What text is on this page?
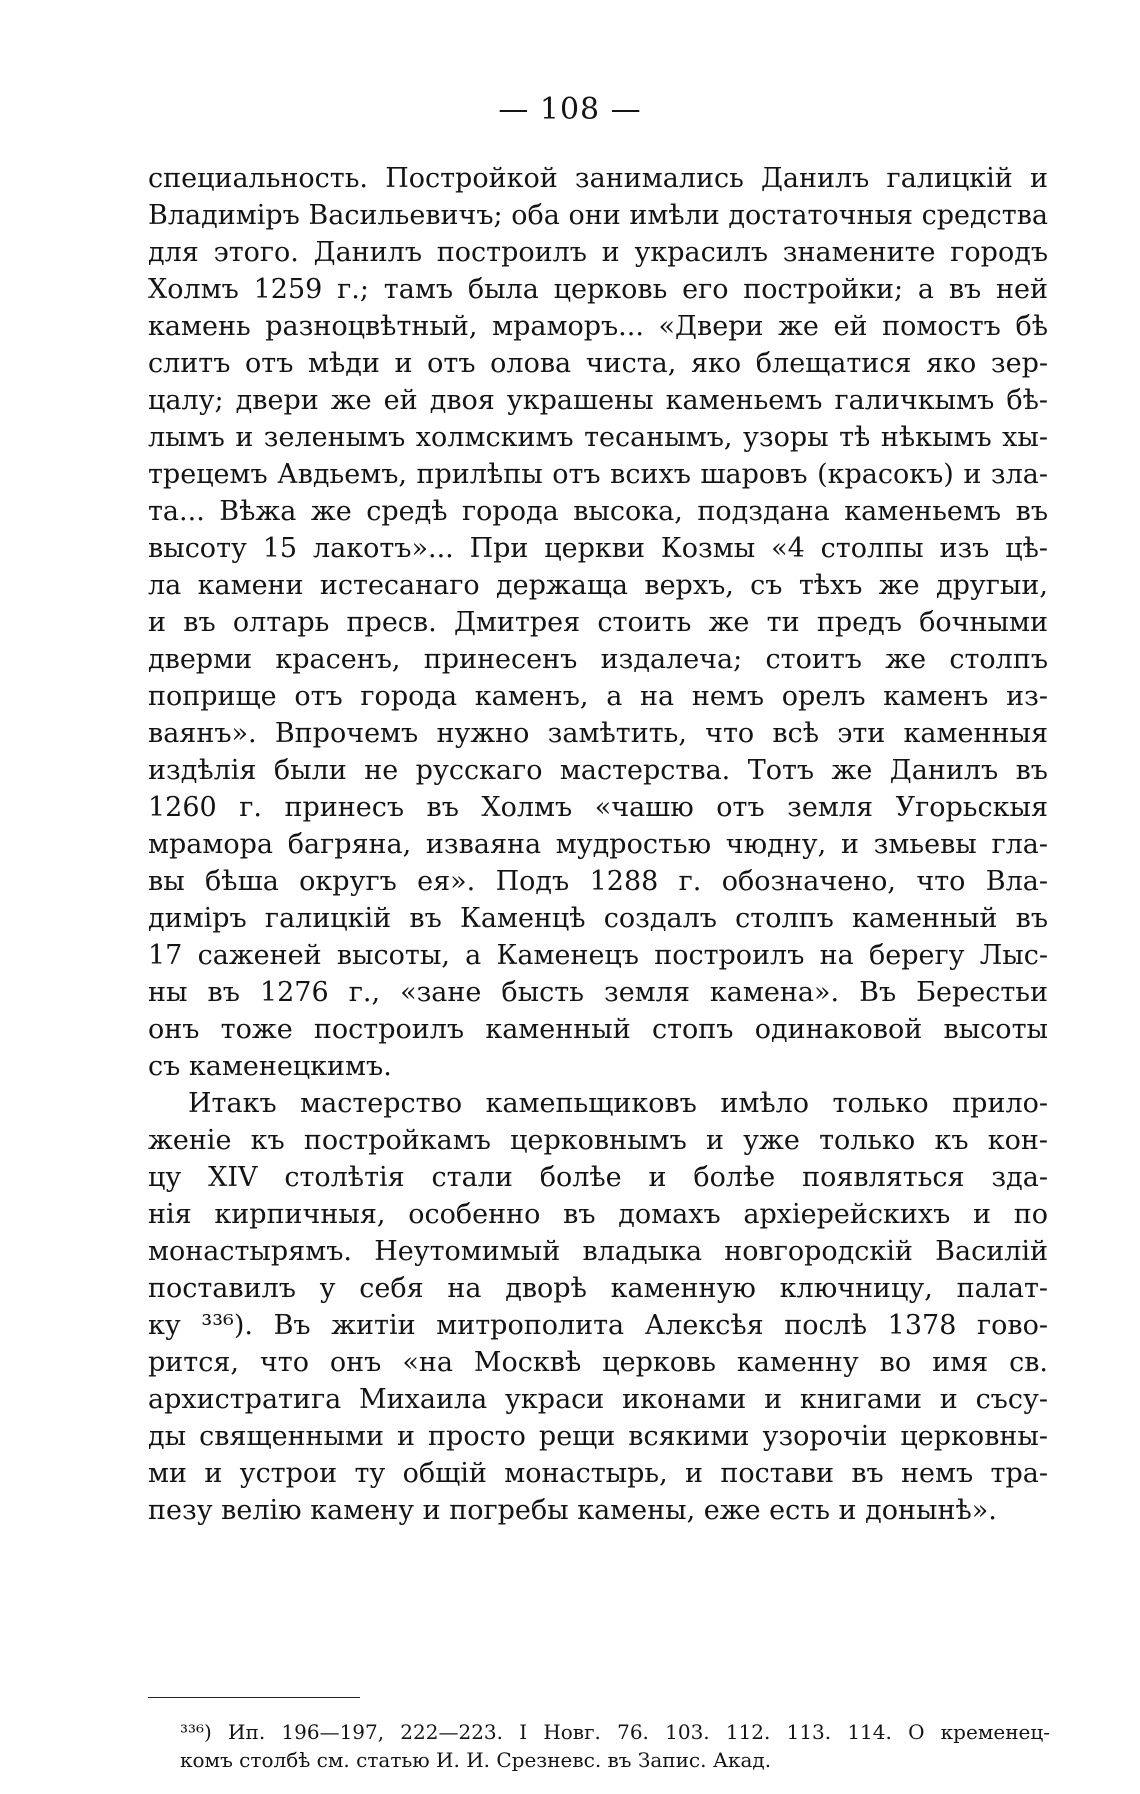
— 108 —
специальность. Постройкой занимались Данилъ галицкій и
Владиміръ Васильевичъ; оба они имѣли достаточныя средства
для этого. Данилъ построилъ и украсилъ знамените городъ
Холмъ 1259 г.; тамъ была церковь его постройки; а въ ней
камень разноцвѣтный, мраморъ... «Двери же ей помостъ бѣ
слитъ отъ мѣди и отъ олова чиста, яко блещатися яко зер-
цалу; двери же ей двоя украшены каменьемъ галичкымъ бѣ-
лымъ и зеленымъ холмскимъ тесанымъ, узоры тѣ нѣкымъ хы-
трецемъ Авдьемъ, прилѣпы отъ всихъ шаровъ (красокъ) и зла-
та... Вѣжа же средѣ города высока, подздана каменьемъ въ
высоту 15 лакотъ»... При церкви Козмы «4 столпы изъ цѣ-
ла камени истесанаго держаща верхъ, съ тѣхъ же другыи,
и въ олтарь пресв. Дмитрея стоить же ти предъ бочными
дверми красенъ, принесенъ издалеча; стоитъ же столпъ
поприще отъ города каменъ, а на немъ орелъ каменъ из-
ваянъ». Впрочемъ нужно замѣтить, что всѣ эти каменныя
издѣлія были не русскаго мастерства. Тотъ же Данилъ въ
1260 г. принесъ въ Холмъ «чашю отъ земля Угорьскыя
мрамора багряна, изваяна мудростью чюдну, и змьевы гла-
вы бѣша округъ ея». Подъ 1288 г. обозначено, что Вла-
диміръ галицкій въ Каменцѣ создалъ столпъ каменный въ
17 саженей высоты, а Каменецъ построилъ на берегу Лыс-
ны въ 1276 г., «зане бысть земля камена». Въ Берестьи
онъ тоже построилъ каменный стопъ одинаковой высоты
съ каменецкимъ.
Итакъ мастерство камепьщиковъ имѣло только прило-
женіе къ постройкамъ церковнымъ и уже только къ кон-
цу XIV столѣтія стали болѣе и болѣе появляться зда-
нія кирпичныя, особенно въ домахъ архіерейскихъ и по
монастырямъ. Неутомимый владыка новгородскій Василій
поставилъ у себя на дворѣ каменную ключницу, палат-
ку ³³⁶). Въ житіи митрополита Алексѣя послѣ 1378 гово-
рится, что онъ «на Москвѣ церковь каменну во имя св.
архистратига Михаила украси иконами и книгами и съсу-
ды священными и просто рещи всякими узорочіи церковны-
ми и устрои ту общій монастырь, и постави въ немъ тра-
пезу велію камену и погребы камены, еже есть и донынѣ».
³³⁶) Ип. 196—197, 222—223. I Новг. 76. 103. 112. 113. 114. О кременец-
комъ столбѣ см. статью И. И. Срезневс. въ Запис. Акад.
